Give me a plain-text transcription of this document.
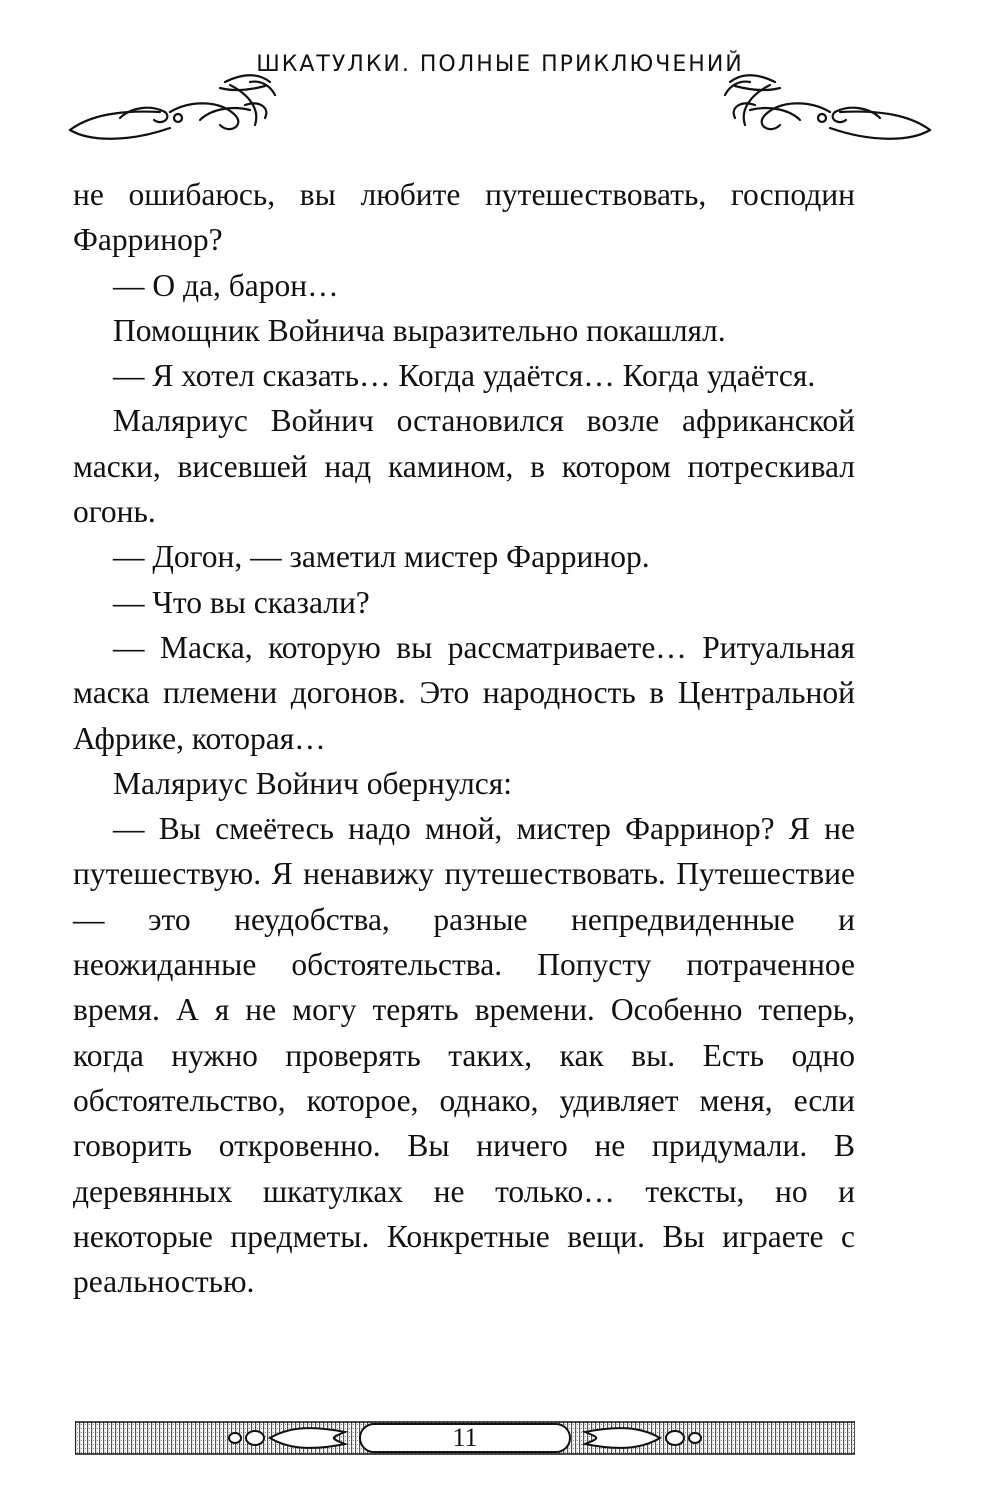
ШКАТУЛКИ. ПОЛНЫЕ ПРИКЛЮЧЕНИЙ

не ошибаюсь, вы любите путешествовать, господин Фарринор?

— О да, барон…

Помощник Войнича выразительно покашлял.

— Я хотел сказать… Когда удаётся… Когда удаётся.

Маляриус Войнич остановился возле африканской маски, висевшей над камином, в котором потрескивал огонь.

— Догон, — заметил мистер Фарринор.

— Что вы сказали?

— Маска, которую вы рассматриваете… Ритуальная маска племени догонов. Это народность в Центральной Африке, которая…

Маляриус Войнич обернулся:

— Вы смеётесь надо мной, мистер Фарринор? Я не путешествую. Я ненавижу путешествовать. Путешествие — это неудобства, разные непредвиденные и неожиданные обстоятельства. Попусту потраченное время. А я не могу терять времени. Особенно теперь, когда нужно проверять таких, как вы. Есть одно обстоятельство, которое, однако, удивляет меня, если говорить откровенно. Вы ничего не придумали. В деревянных шкатулках не только… тексты, но и некоторые предметы. Конкретные вещи. Вы играете с реальностью.

11
